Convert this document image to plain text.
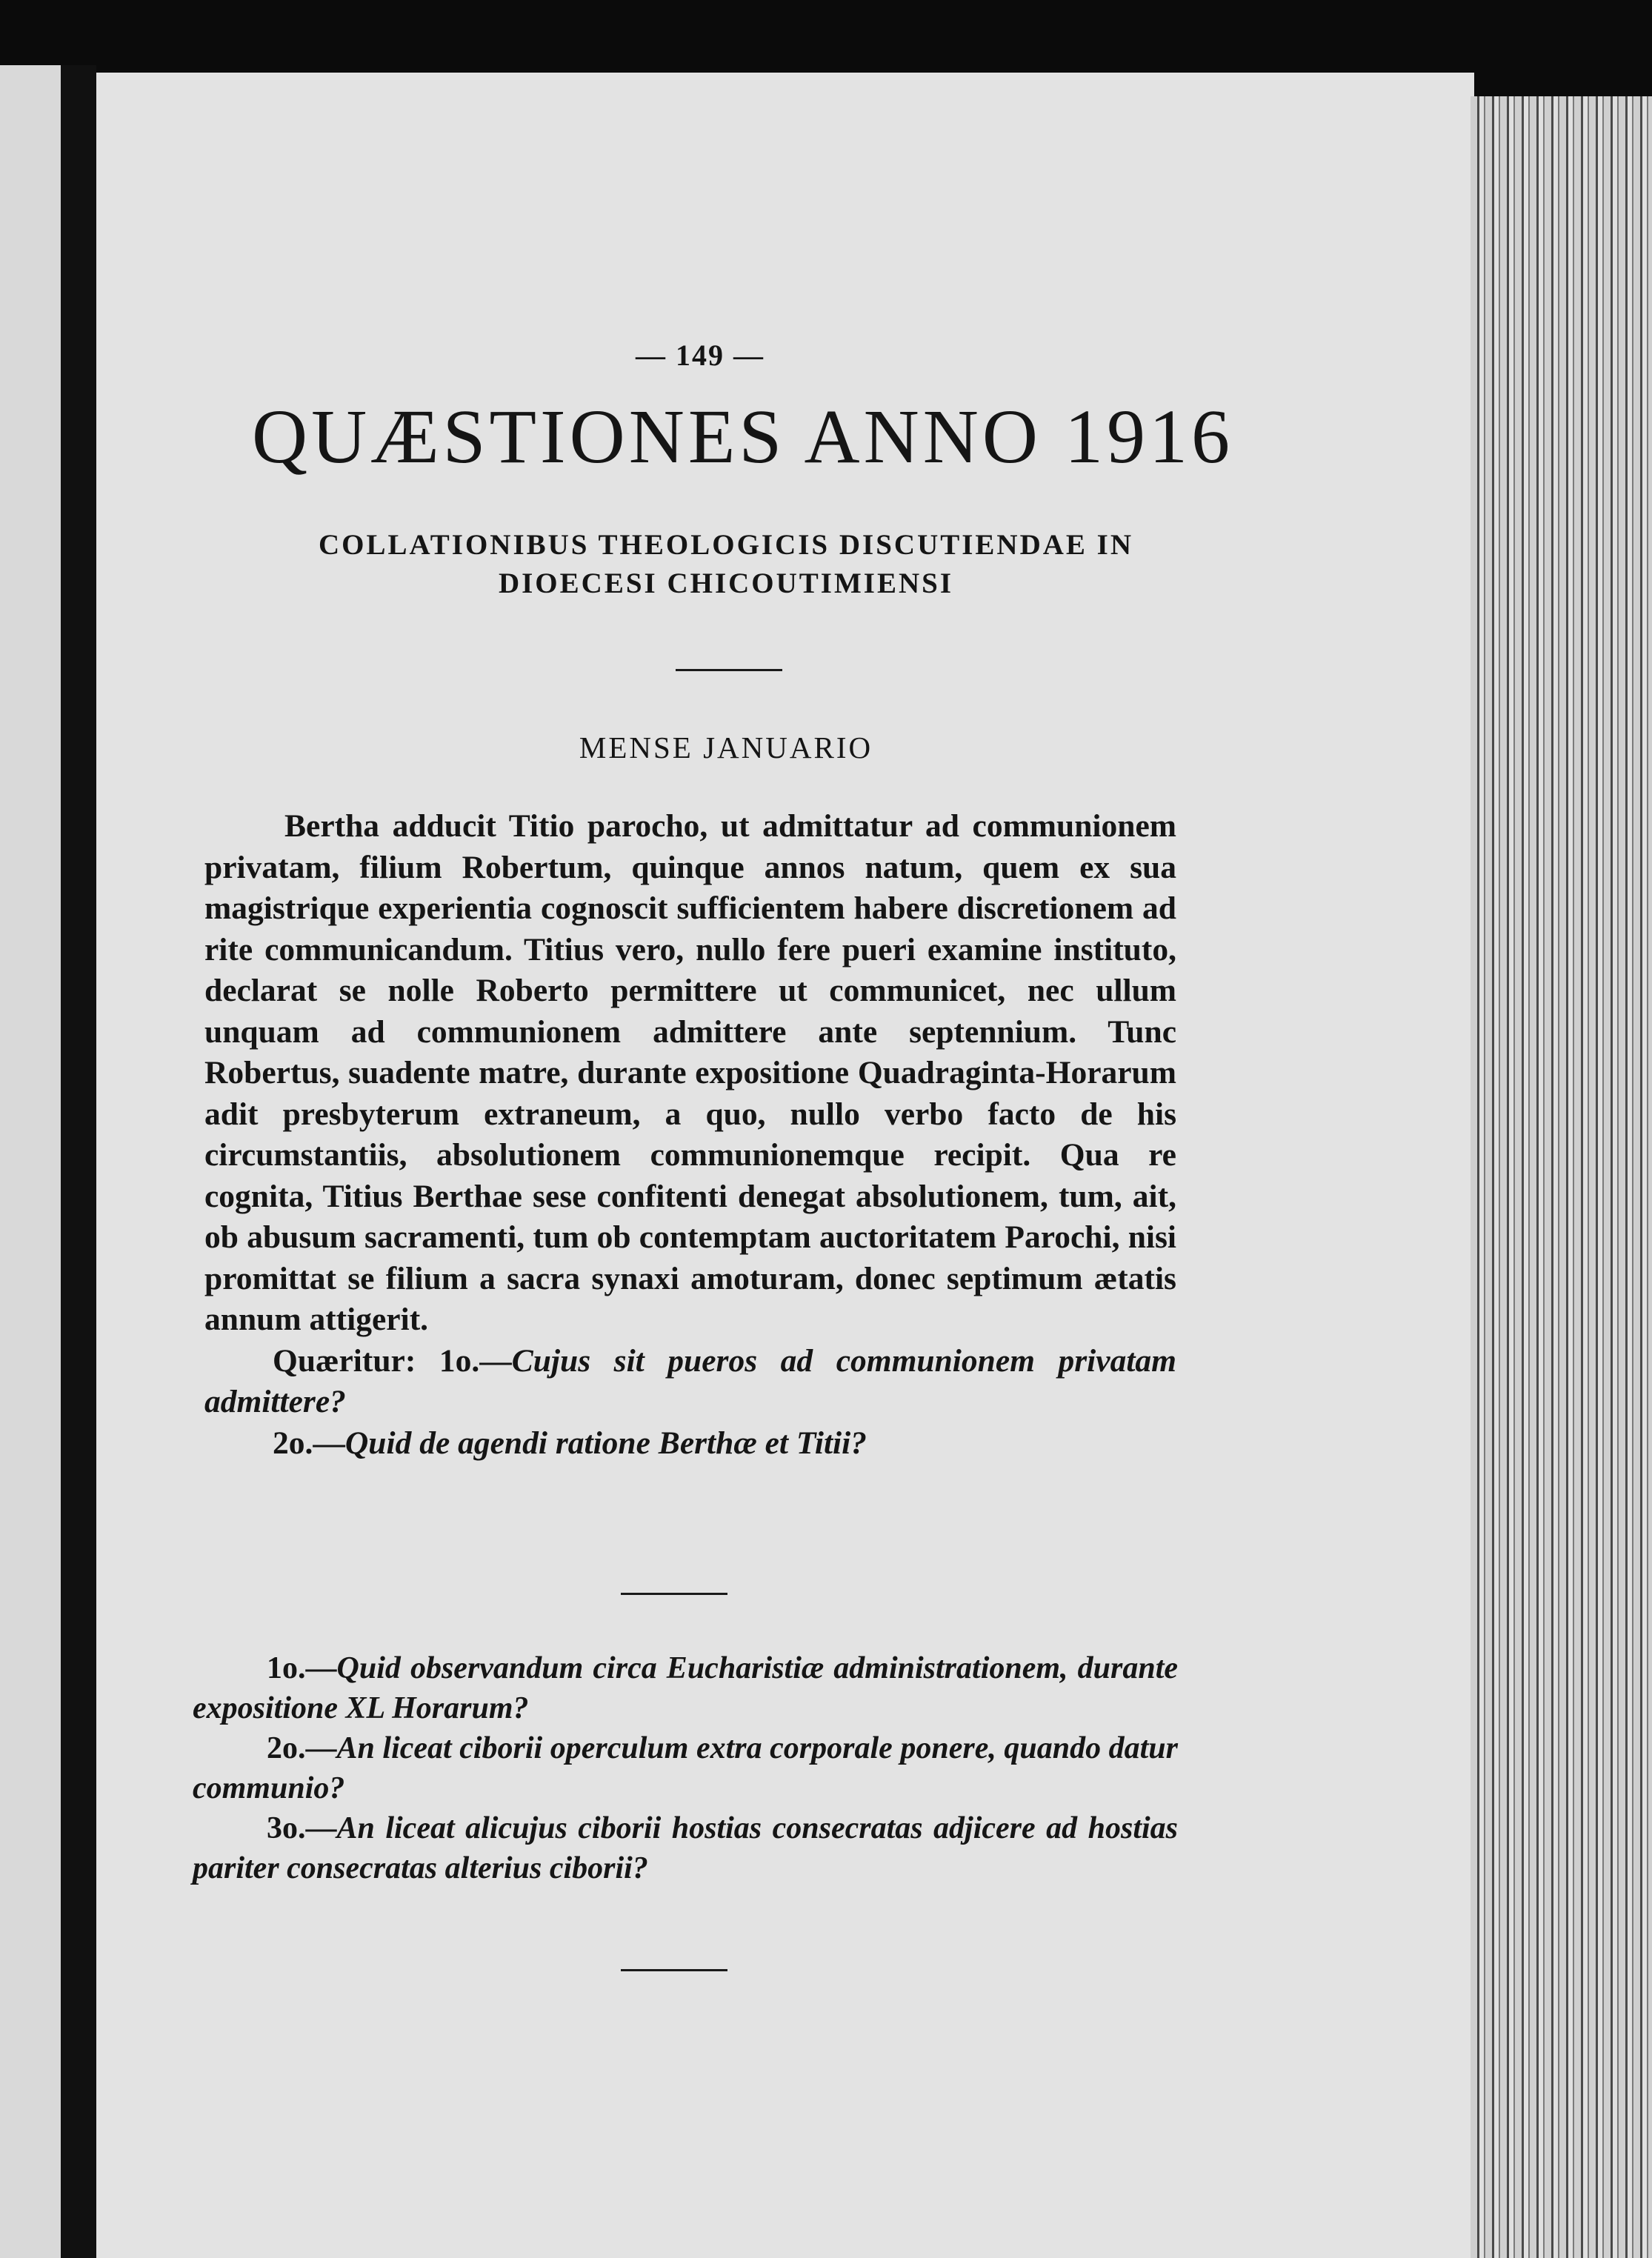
— 149 —
QUÆSTIONES ANNO 1916
COLLATIONIBUS THEOLOGICIS DISCUTIENDAE IN
DIOECESI CHICOUTIMIENSI
MENSE JANUARIO

Bertha adducit Titio parocho, ut admittatur ad communionem privatam, filium Robertum, quinque annos natum, quem ex sua magistrique experientia cognoscit sufficientem habere discretionem ad rite communicandum. Titius vero, nullo fere pueri examine instituto, declarat se nolle Roberto permittere ut communicet, nec ullum unquam ad communionem admittere ante septennium. Tunc Robertus, suadente matre, durante expositione Quadraginta-Horarum adit presbyterum extraneum, a quo, nullo verbo facto de his circumstantiis, absolutionem communionemque recipit. Qua re cognita, Titius Berthae sese confitenti denegat absolutionem, tum, ait, ob abusum sacramenti, tum ob contemptam auctoritatem Parochi, nisi promittat se filium a sacra synaxi amoturam, donec septimum ætatis annum attigerit.

Quæritur: 1o.—Cujus sit pueros ad communionem privatam admittere?

2o.—Quid de agendi ratione Berthæ et Titii?

1o.—Quid observandum circa Eucharistiæ administrationem, durante expositione XL Horarum?

2o.—An liceat ciborii operculum extra corporale ponere, quando datur communio?

3o.—An liceat alicujus ciborii hostias consecratas adjicere ad hostias pariter consecratas alterius ciborii?
